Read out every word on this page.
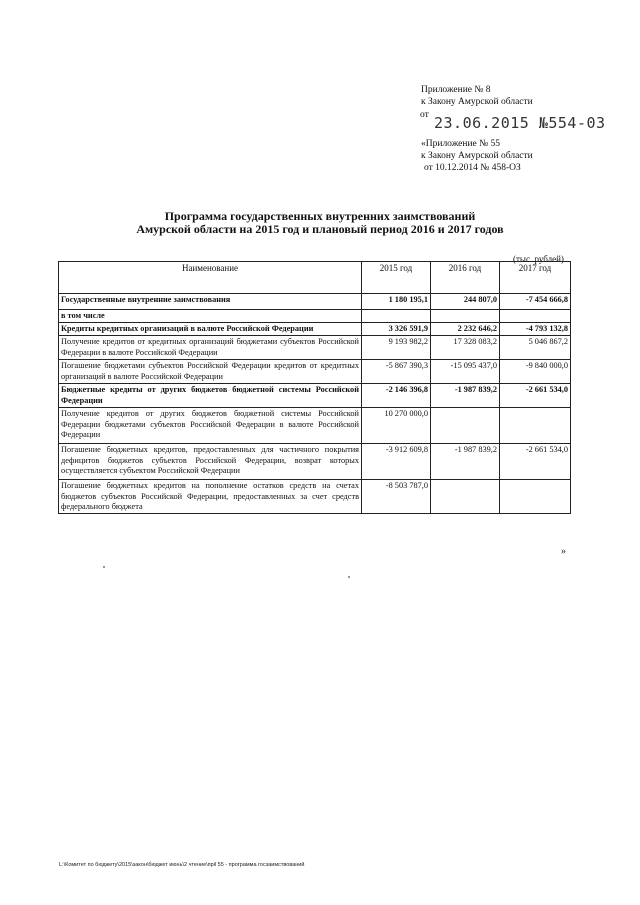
Приложение № 8
к Закону Амурской области
от 23.06.2015 №554-03
«Приложение № 55
к Закону Амурской области
от 10.12.2014 № 458-ОЗ
Программа государственных внутренних заимствований
Амурской области на 2015 год и плановый период 2016 и 2017 годов
(тыс. рублей)
Наименование	2015 год	2016 год	2017 год
Государственные внутренние заимствования	1 180 195,1	244 807,0	-7 454 666,8
в том числе			
Кредиты кредитных организаций в валюте Российской Федерации	3 326 591,9	2 232 646,2	-4 793 132,8
Получение кредитов от кредитных организаций бюджетами субъектов Российской Федерации в валюте Российской Федерации	9 193 982,2	17 328 083,2	5 046 867,2
Погашение бюджетами субъектов Российской Федерации кредитов от кредитных организаций в валюте Российской Федерации	-5 867 390,3	-15 095 437,0	-9 840 000,0
Бюджетные кредиты от других бюджетов бюджетной системы Российской Федерации	-2 146 396,8	-1 987 839,2	-2 661 534,0
Получение кредитов от других бюджетов бюджетной системы Российской Федерации бюджетами субъектов Российской Федерации в валюте Российской Федерации	10 270 000,0		
Погашение бюджетных кредитов, предоставленных для частичного покрытия дефицитов бюджетов субъектов Российской Федерации, возврат которых осуществляется субъектом Российской Федерации	-3 912 609,8	-1 987 839,2	-2 661 534,0
Погашение бюджетных кредитов на пополнение остатков средств на счетах бюджетов субъектов Российской Федерации, предоставленных за счет средств федерального бюджета	-8 503 787,0		
»
L:\Комитет по бюджету\2015\закон\бюджет июнь\2 чтение\прil 55 - программа госзаимствований
